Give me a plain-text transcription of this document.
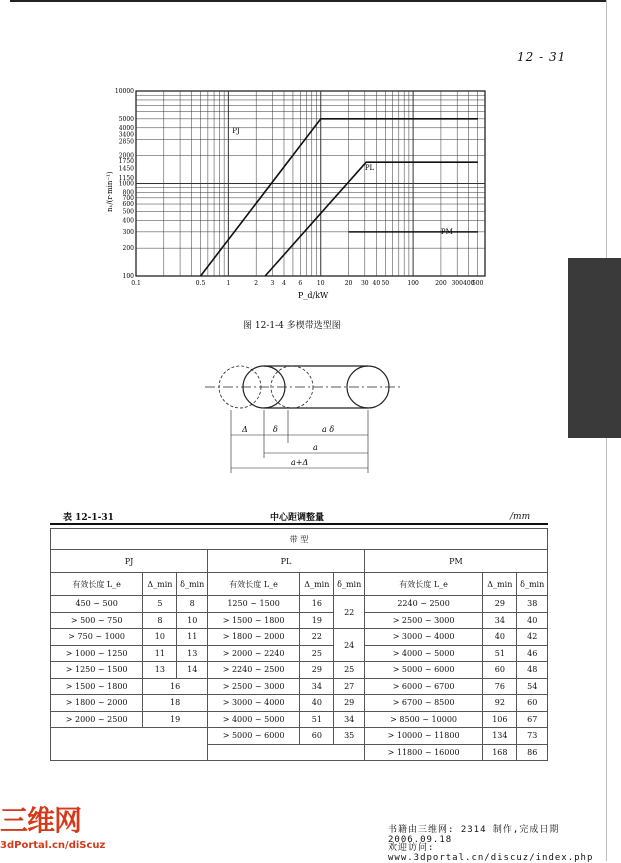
12 - 31
10000
5000
4000
3400
2850
2000
1750
1450
1150
1000
800
700
600
500
400
300
200
100
0.1	0.5	1	2 3 4 6 10	20 30 40 50	100	200 300 400
500
PJ
PL
PM
n₁/(r·min⁻¹)
P_d/kW
图 12-1-4 多楔带选型图
Δ	δ	a δ
a
a+Δ
表 12-1-31	中心距调整量	/mm
带 型								
PJ			PL			PM		
有效长度 L_e	Δ_min	δ_min	有效长度 L_e	Δ_min	δ_min	有效长度 L_e	Δ_min	δ_min
450 ~ 500	5	8	1250 ~ 1500	16	22	2240 ~ 2500	29	38
> 500 ~ 750	8	10	> 1500 ~ 1800	19		> 2500 ~ 3000	34	40
> 750 ~ 1000	10	11	> 1800 ~ 2000	22	24	> 3000 ~ 4000	40	42
> 1000 ~ 1250	11	13	> 2000 ~ 2240	25		> 4000 ~ 5000	51	46
> 1250 ~ 1500	13	14	> 2240 ~ 2500	29	25	> 5000 ~ 6000	60	48
> 1500 ~ 1800	16		> 2500 ~ 3000	34	27	> 6000 ~ 6700	76	54
> 1800 ~ 2000	18		> 3000 ~ 4000	40	29	> 6700 ~ 8500	92	60
> 2000 ~ 2500	19		> 4000 ~ 5000	51	34	> 8500 ~ 10000	106	67
			> 5000 ~ 6000	60	35	> 10000 ~ 11800	134	73
						> 11800 ~ 16000	168	86
三维网
3dPortal.cn/diScuz
书籍由三维网: 2314 制作,完成日期2006.09.18
欢迎访问: www.3dportal.cn/discuz/index.php
